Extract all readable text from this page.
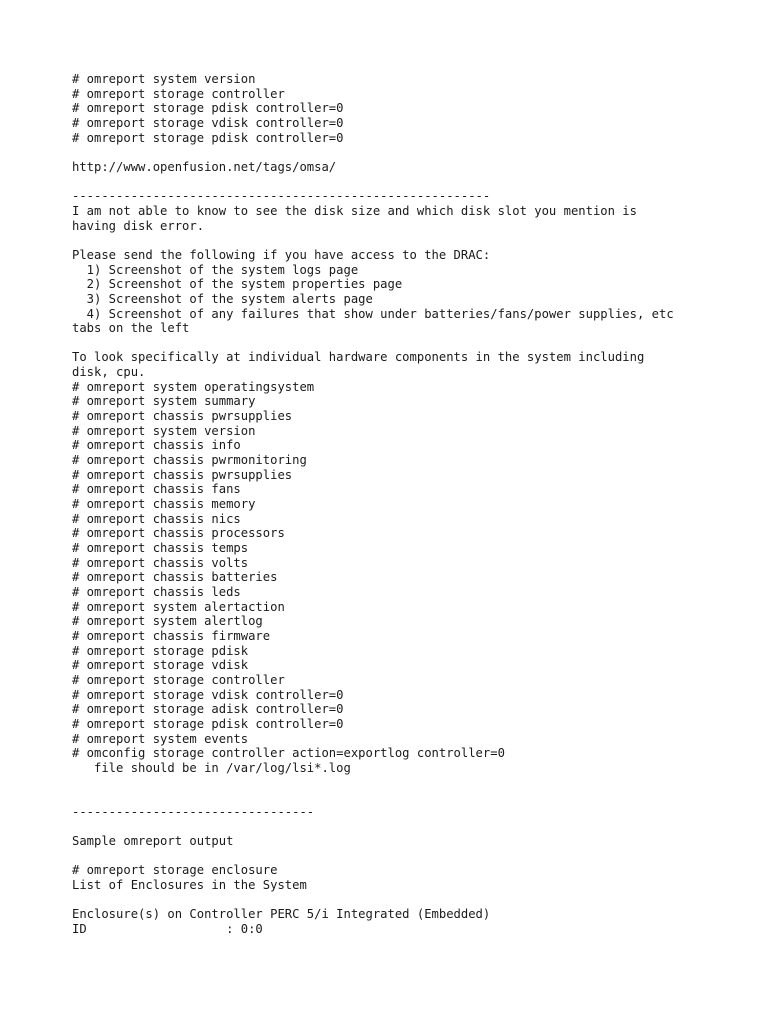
# omreport system version
# omreport storage controller
# omreport storage pdisk controller=0
# omreport storage vdisk controller=0
# omreport storage pdisk controller=0
http://www.openfusion.net/tags/omsa/
---------------------------------------------------------
I am not able to know to see the disk size and which disk slot you mention is
having disk error.
Please send the following if you have access to the DRAC:
1) Screenshot of the system logs page
2) Screenshot of the system properties page
3) Screenshot of the system alerts page
4) Screenshot of any failures that show under batteries/fans/power supplies, etc
tabs on the left
To look specifically at individual hardware components in the system including
disk, cpu.
# omreport system operatingsystem
# omreport system summary
# omreport chassis pwrsupplies
# omreport system version
# omreport chassis info
# omreport chassis pwrmonitoring
# omreport chassis pwrsupplies
# omreport chassis fans
# omreport chassis memory
# omreport chassis nics
# omreport chassis processors
# omreport chassis temps
# omreport chassis volts
# omreport chassis batteries
# omreport chassis leds
# omreport system alertaction
# omreport system alertlog
# omreport chassis firmware
# omreport storage pdisk
# omreport storage vdisk
# omreport storage controller
# omreport storage vdisk controller=0
# omreport storage adisk controller=0
# omreport storage pdisk controller=0
# omreport system events
# omconfig storage controller action=exportlog controller=0
file should be in /var/log/lsi*.log
---------------------------------
Sample omreport output
# omreport storage enclosure
List of Enclosures in the System
Enclosure(s) on Controller PERC 5/i Integrated (Embedded)
ID                   : 0:0
